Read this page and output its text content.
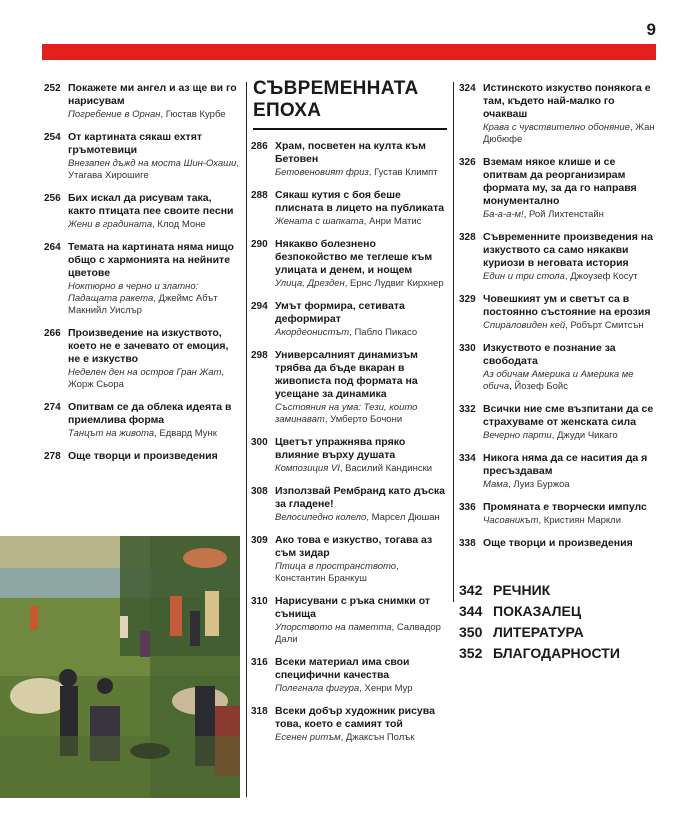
9
252 Покажете ми ангел и аз ще ви го нарисувам
Погребение в Орнан, Гюстав Курбе
254 От картината сякаш ехтят гръмотевици
Внезапен дъжд на моста Шин-Охаши, Утагава Хирошиге
256 Бих искал да рисувам така, както птицата пее своите песни
Жени в градината, Клод Моне
264 Темата на картината няма нищо общо с хармонията на нейните цветове
Ноктюрно в черно и златно: Падащата ракета, Джеймс Абът Макнийл Уислър
266 Произведение на изкуството, което не е зачевато от емоция, не е изкуство
Неделен ден на остров Гран Жат, Жорж Сьора
274 Опитвам се да облека идеята в приемлива форма
Танцът на живота, Едвард Мунк
278 Още творци и произведения
СЪВРЕМЕННАТА
ЕПОХА
286 Храм, посветен на култа към Бетовен
Бетовеновият фриз, Густав Климпт
288 Сякаш кутия с боя беше плисната в лицето на публиката
Жената с шапката, Анри Матис
290 Някакво болезнено безпокойство ме теглеше към улицата и денем, и нощем
Улица, Дрезден, Ернс Лудвиг Кирхнер
294 Умът формира, сетивата деформират
Акордеонистът, Пабло Пикасо
298 Универсалният динамизъм трябва да бъде вкаран в живописта под формата на усещане за динамика
Състояния на ума: Тези, които заминават, Умберто Бочони
300 Цветът упражнява пряко влияние върху душата
Композиция VI, Василий Кандински
308 Използвай Рембранд като дъска за гладене!
Велосипедно колело, Марсел Дюшан
309 Ако това е изкуство, тогава аз съм зидар
Птица в пространството, Константин Бранкуш
310 Нарисувани с ръка снимки от сънища
Упорството на паметта, Салвадор Дали
316 Всеки материал има свои специфични качества
Полегнала фигура, Хенри Мур
318 Всеки добър художник рисува това, което е самият той
Есенен ритъм, Джаксън Полък
324 Истинското изкуство понякога е там, където най-малко го очакваш
Крава с чувствително обоняние, Жан Дюбюфе
326 Вземам някое клише и се опитвам да реорганизирам формата му, за да го направя монументално
Ба-а-а-м!, Рой Лихтенстайн
328 Съвременните произведения на изкуството са само някакви куриози в неговата история
Един и три стола, Джоузеф Косут
329 Човешкият ум и светът са в постоянно състояние на ерозия
Спираловиден кей, Робърт Смитсън
330 Изкуството е познание за свободата
Аз обичам Америка и Америка ме обича, Йозеф Бойс
332 Всички ние сме възпитани да се страхуваме от женската сила
Вечерно парти, Джуди Чикаго
334 Никога няма да се насития да я пресъздавам
Мама, Луиз Буржоа
336 Промяната е творчески импулс
Часовникът, Кристиян Маркли
338 Още творци и произведения
342 РЕЧНИК
344 ПОКАЗАЛЕЦ
350 ЛИТЕРАТУРА
352 БЛАГОДАРНОСТИ
